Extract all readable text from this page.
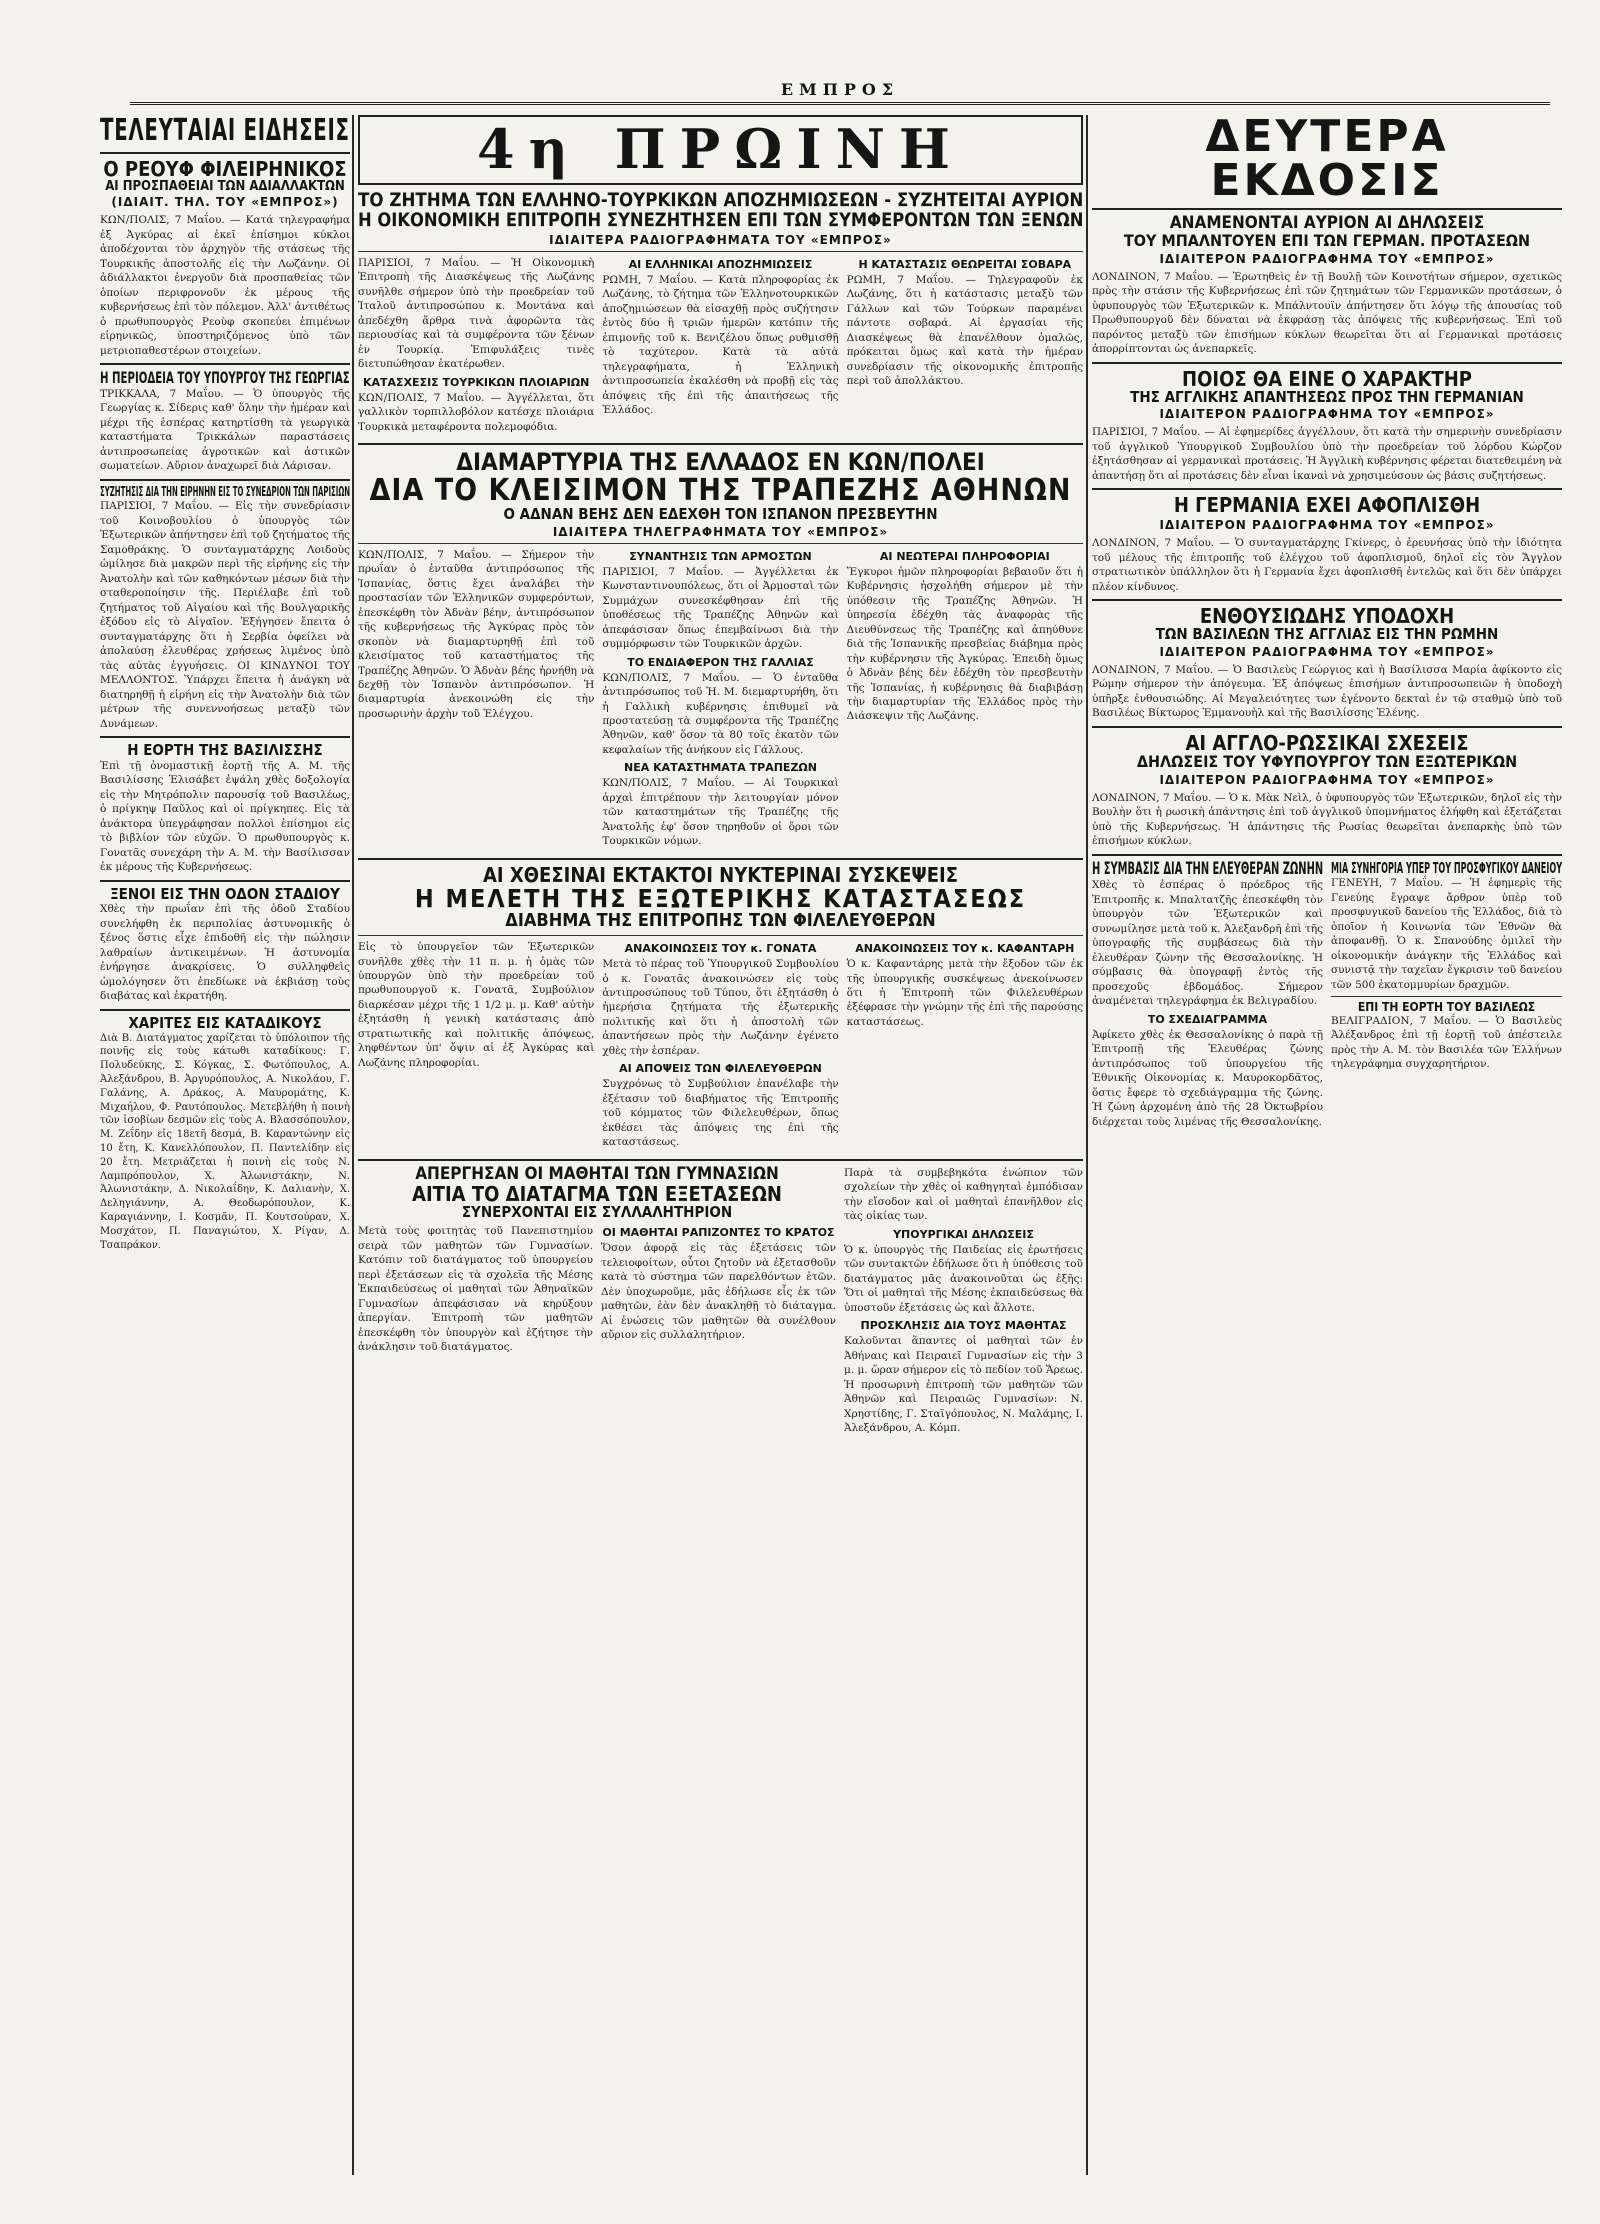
ΕΜΠΡΟΣ
ΤΕΛΕΥΤΑΙΑΙ ΕΙΔΗΣΕΙΣ
Ο ΡΕΟΥΦ ΦΙΛΕΙΡΗΝΙΚΟΣ
ΑΙ ΠΡΟΣΠΑΘΕΙΑΙ ΤΩΝ ΑΔΙΑΛΛΑΚΤΩΝ
(ΙΔΙΑΙΤ. ΤΗΛ. ΤΟΥ «ΕΜΠΡΟΣ»)

ΚΩΝ/ΠΟΛΙΣ, 7 Μαΐου. — Κατά τηλεγραφήμα ἐξ Ἀγκύρας αἱ ἐκεῖ ἐπίσημοι κύκλοι ἀποδέχονται τὸν ἀρχηγὸν τῆς στάσεως τῆς Τουρκικῆς ἀποστολῆς εἰς τὴν Λωζάνην. Οἱ ἀδιάλλακτοι ἐνεργοῦν διὰ προσπαθείας τῶν ὁποίων περιφρονοῦν ἐκ μέρους τῆς κυβερνήσεως ἐπὶ τὸν πόλεμον. Ἀλλ' ἀντιθέτως ὁ πρωθυπουργὸς Ρεοὺφ σκοπεύει ἐπιμένων εἰρηνικῶς, ὑποστηριζόμενος ὑπὸ τῶν μετριοπαθεστέρων στοιχείων.

Η ΠΕΡΙΟΔΕΙΑ ΤΟΥ ΥΠΟΥΡΓΟΥ ΤΗΣ ΓΕΩΡΓΙΑΣ

ΤΡΙΚΚΑΛΑ, 7 Μαΐου. — Ὁ ὑπουργὸς τῆς Γεωργίας κ. Σίδερις καθ' ὅλην τὴν ἡμέραν καὶ μέχρι τῆς ἑσπέρας κατηρτίσθη τὰ γεωργικὰ καταστήματα Τρικκάλων παραστάσεις ἀντιπροσωπείας ἀγροτικῶν καὶ ἀστικῶν σωματείων. Αὔριον ἀναχωρεῖ διὰ Λάρισαν.

ΣΥΖΗΤΗΣΙΣ ΔΙΑ ΤΗΝ ΕΙΡΗΝΗΝ ΕΙΣ ΤΟ ΣΥΝΕΔΡΙΟΝ ΤΩΝ ΠΑΡΙΣΙΩΝ

ΠΑΡΙΣΙΟΙ, 7 Μαΐου. — Εἰς τὴν συνεδρίασιν τοῦ Κοινοβουλίου ὁ ὑπουργὸς τῶν Ἐξωτερικῶν ἀπήντησεν ἐπὶ τοῦ ζητήματος τῆς Σαμοθράκης. Ὁ συνταγματάρχης Λοιδοὺς ὡμίλησε διὰ μακρῶν περὶ τῆς εἰρήνης εἰς τὴν Ἀνατολὴν καὶ τῶν καθηκόντων μέσων διὰ τὴν σταθεροποίησιν τῆς. Περιέλαβε ἐπὶ τοῦ ζητήματος τοῦ Αἰγαίου καὶ τῆς Βουλγαρικῆς ἐξόδου εἰς τὸ Αἰγαῖον. Ἐξήγησεν ἔπειτα ὁ συνταγματάρχης ὅτι ἡ Σερβία ὁφείλει νὰ ἀπολαύσῃ ἐλευθέρας χρήσεως λιμένος ὑπὸ τὰς αὐτὰς ἐγγυήσεις. ΟΙ ΚΙΝΔΥΝΟΙ ΤΟΥ ΜΕΛΛΟΝΤΟΣ. Ὑπάρχει ἔπειτα ἡ ἀνάγκη νὰ διατηρηθῇ ἡ εἰρήνη εἰς τὴν Ἀνατολὴν διὰ τῶν μέτρων τῆς συνεννοήσεως μεταξὺ τῶν Δυνάμεων.

Η ΕΟΡΤΗ ΤΗΣ ΒΑΣΙΛΙΣΣΗΣ

Ἐπὶ τῇ ὀνομαστικῇ ἑορτῇ τῆς Α. Μ. τῆς Βασιλίσσης Ἐλισάβετ ἐψάλη χθὲς δοξολογία εἰς τὴν Μητρόπολιν παρουσίᾳ τοῦ Βασιλέως, ὁ πρίγκηψ Παῦλος καὶ οἱ πρίγκηπες. Εἰς τὰ ἀνάκτορα ὑπεγράφησαν πολλοὶ ἐπίσημοι εἰς τὸ βιβλίον τῶν εὐχῶν. Ὁ πρωθυπουργὸς κ. Γονατᾶς συνεχάρη τὴν Α. Μ. τὴν Βασίλισσαν ἐκ μέρους τῆς Κυβερνήσεως.

ΞΕΝΟΙ ΕΙΣ ΤΗΝ ΟΔΟΝ ΣΤΑΔΙΟΥ

Χθὲς τὴν πρωΐαν ἐπὶ τῆς ὁδοῦ Σταδίου συνελήφθη ἐκ περιπολίας ἀστυνομικῆς ὁ ξένος ὅστις εἶχε ἐπιδοθῆ εἰς τὴν πώλησιν λαθραίων ἀντικειμένων. Ἡ ἀστυνομία ἐνήργησε ἀνακρίσεις. Ὁ συλληφθεὶς ὡμολόγησεν ὅτι ἐπεδίωκε νὰ ἐκβιάσῃ τοὺς διαβάτας καὶ ἐκρατήθη.

ΧΑΡΙΤΕΣ ΕΙΣ ΚΑΤΑΔΙΚΟΥΣ

Διὰ Β. Διατάγματος χαρίζεται τὸ ὑπόλοιπον τῆς ποινῆς εἰς τοὺς κάτωθι καταδίκους: Γ. Πολυδεύκης, Σ. Κόγκας, Σ. Φωτόπουλος, Α. Ἀλεξάνδρου, Β. Ἀργυρόπουλος, Α. Νικολάου, Γ. Γαλάνης, Α. Δράκος, Α. Μαυρομάτης, Κ. Μιχαήλου, Φ. Ραυτόπουλος. Μετεβλήθη ἡ ποινὴ τῶν ἰσοβίων δεσμῶν εἰς τοὺς Α. Βλασσόπουλον, Μ. Ζεΐδην εἰς 18ετῆ δεσμά, Β. Καραντώνην εἰς 10 ἔτη, Κ. Κανελλόπουλον, Π. Παντελίδην εἰς 20 ἔτη. Μετριάζεται ἡ ποινὴ εἰς τοὺς Ν. Λαμπρόπουλον, Χ. Ἀλωνιστάκην, Ν. Ἀλωνιστάκην, Δ. Νικολαΐδην, Κ. Δαλιανὴν, Χ. Δεληγιάννην, Α. Θεοδωρόπουλον, Κ. Καραγιάννην, Ι. Κοσμᾶν, Π. Κουτσούραν, Χ. Μοσχάτον, Π. Παναγιώτου, Χ. Ρίγαν, Δ. Τσαπράκον.

4η ΠΡΩΙΝΗ
ΤΟ ΖΗΤΗΜΑ ΤΩΝ ΕΛΛΗΝΟ-ΤΟΥΡΚΙΚΩΝ ΑΠΟΖΗΜΙΩΣΕΩΝ - ΣΥΖΗΤΕΙΤΑΙ ΑΥΡΙΟΝ
Η ΟΙΚΟΝΟΜΙΚΗ ΕΠΙΤΡΟΠΗ ΣΥΝΕΖΗΤΗΣΕΝ ΕΠΙ ΤΩΝ ΣΥΜΦΕΡΟΝΤΩΝ ΤΩΝ ΞΕΝΩΝ
ΙΔΙΑΙΤΕΡΑ ΡΑΔΙΟΓΡΑΦΗΜΑΤΑ ΤΟΥ «ΕΜΠΡΟΣ»

ΠΑΡΙΣΙΟΙ, 7 Μαΐου. — Ἡ Οἰκονομικὴ Ἐπιτροπὴ τῆς Διασκέψεως τῆς Λωζάνης συνῆλθε σήμερον ὑπὸ τὴν προεδρείαν τοῦ Ἰταλοῦ ἀντιπροσώπου κ. Μοντάνα καὶ ἀπεδέχθη ἄρθρα τινὰ ἀφορῶντα τὰς περιουσίας καὶ τὰ συμφέροντα τῶν ξένων ἐν Τουρκίᾳ. Ἐπιφυλάξεις τινὲς διετυπώθησαν ἑκατέρωθεν.

ΚΑΤΑΣΧΕΣΙΣ ΤΟΥΡΚΙΚΩΝ ΠΛΟΙΑΡΙΩΝ

ΚΩΝ/ΠΟΛΙΣ, 7 Μαΐου. — Ἀγγέλλεται, ὅτι γαλλικὸν τορπιλλοβόλον κατέσχε πλοιάρια Τουρκικὰ μεταφέροντα πολεμοφόδια.

ΑΙ ΕΛΛΗΝΙΚΑΙ ΑΠΟΖΗΜΙΩΣΕΙΣ

ΡΩΜΗ, 7 Μαΐου. — Κατὰ πληροφορίας ἐκ Λωζάνης, τὸ ζήτημα τῶν Ἑλληνοτουρκικῶν ἀποζημιώσεων θὰ εἰσαχθῇ πρὸς συζήτησιν ἐντὸς δύο ἢ τριῶν ἡμερῶν κατόπιν τῆς ἐπιμονῆς τοῦ κ. Βενιζέλου ὅπως ρυθμισθῇ τὸ ταχύτερον. Κατὰ τὰ αὐτὰ τηλεγραφήματα, ἡ Ἑλληνικὴ ἀντιπροσωπεία ἐκαλέσθη νὰ προβῇ εἰς τὰς ἀπόψεις τῆς ἐπὶ τῆς ἀπαιτήσεως τῆς Ἑλλάδος.

Η ΚΑΤΑΣΤΑΣΙΣ ΘΕΩΡΕΙΤΑΙ ΣΟΒΑΡΑ

ΡΩΜΗ, 7 Μαΐου. — Τηλεγραφοῦν ἐκ Λωζάνης, ὅτι ἡ κατάστασις μεταξὺ τῶν Γάλλων καὶ τῶν Τούρκων παραμένει πάντοτε σοβαρά. Αἱ ἐργασίαι τῆς Διασκέψεως θὰ ἐπανέλθουν ὁμαλῶς, πρόκειται ὅμως καὶ κατὰ τὴν ἡμέραν συνεδρίασιν τῆς οἰκονομικῆς ἐπιτροπῆς περὶ τοῦ ἀπολλάκτου.

ΔΙΑΜΑΡΤΥΡΙΑ ΤΗΣ ΕΛΛΑΔΟΣ ΕΝ ΚΩΝ/ΠΟΛΕΙ
ΔΙΑ ΤΟ ΚΛΕΙΣΙΜΟΝ ΤΗΣ ΤΡΑΠΕΖΗΣ ΑΘΗΝΩΝ
Ο ΑΔΝΑΝ ΒΕΗΣ ΔΕΝ ΕΔΕΧΘΗ ΤΟΝ ΙΣΠΑΝΟΝ ΠΡΕΣΒΕΥΤΗΝ
ΙΔΙΑΙΤΕΡΑ ΤΗΛΕΓΡΑΦΗΜΑΤΑ ΤΟΥ «ΕΜΠΡΟΣ»

ΚΩΝ/ΠΟΛΙΣ, 7 Μαΐου. — Σήμερον τὴν πρωΐαν ὁ ἐνταῦθα ἀντιπρόσωπος τῆς Ἰσπανίας, ὅστις ἔχει ἀναλάβει τὴν προστασίαν τῶν Ἑλληνικῶν συμφερόντων, ἐπεσκέφθη τὸν Ἀδνὰν βέην, ἀντιπρόσωπον τῆς κυβερνήσεως τῆς Ἀγκύρας πρὸς τὸν σκοπὸν νὰ διαμαρτυρηθῇ ἐπὶ τοῦ κλεισίματος τοῦ καταστήματος τῆς Τραπέζης Ἀθηνῶν. Ὁ Ἀδνὰν βέης ἠρνήθη νὰ δεχθῇ τὸν Ἰσπανὸν ἀντιπρόσωπον. Ἡ διαμαρτυρία ἀνεκοινώθη εἰς τὴν προσωρινὴν ἀρχὴν τοῦ Ἐλέγχου.

ΣΥΝΑΝΤΗΣΙΣ ΤΩΝ ΑΡΜΟΣΤΩΝ

ΠΑΡΙΣΙΟΙ, 7 Μαΐου. — Ἀγγέλλεται ἐκ Κωνσταντινουπόλεως, ὅτι οἱ Ἀρμοσταὶ τῶν Συμμάχων συνεσκέφθησαν ἐπὶ τῆς ὑποθέσεως τῆς Τραπέζης Ἀθηνῶν καὶ ἀπεφάσισαν ὅπως ἐπεμβαίνωσι διὰ τὴν συμμόρφωσιν τῶν Τουρκικῶν ἀρχῶν.

ΤΟ ΕΝΔΙΑΦΕΡΟΝ ΤΗΣ ΓΑΛΛΙΑΣ

ΚΩΝ/ΠΟΛΙΣ, 7 Μαΐου. — Ὁ ἐνταῦθα ἀντιπρόσωπος τοῦ Ἡ. Μ. διεμαρτυρήθη, ὅτι ἡ Γαλλικὴ κυβέρνησις ἐπιθυμεῖ νὰ προστατεύσῃ τὰ συμφέροντα τῆς Τραπέζης Ἀθηνῶν, καθ' ὅσον τὰ 80 τοῖς ἑκατὸν τῶν κεφαλαίων τῆς ἀνήκουν εἰς Γάλλους.

ΝΕΑ ΚΑΤΑΣΤΗΜΑΤΑ ΤΡΑΠΕΖΩΝ

ΚΩΝ/ΠΟΛΙΣ, 7 Μαΐου. — Αἱ Τουρκικαὶ ἀρχαὶ ἐπιτρέπουν τὴν λειτουργίαν μόνον τῶν καταστημάτων τῆς Τραπέζης τῆς Ἀνατολῆς ἐφ' ὅσον τηρηθοῦν οἱ ὅροι τῶν Τουρκικῶν νόμων.

ΑΙ ΝΕΩΤΕΡΑΙ ΠΛΗΡΟΦΟΡΙΑΙ

Ἔγκυροι ἡμῶν πληροφορίαι βεβαιοῦν ὅτι ἡ Κυβέρνησις ἠσχολήθη σήμερον μὲ τὴν ὑπόθεσιν τῆς Τραπέζης Ἀθηνῶν. Ἡ ὑπηρεσία ἐδέχθη τὰς ἀναφορὰς τῆς Διευθύνσεως τῆς Τραπέζης καὶ ἀπηύθυνε διὰ τῆς Ἰσπανικῆς πρεσβείας διάβημα πρὸς τὴν κυβέρνησιν τῆς Ἀγκύρας. Ἐπειδὴ ὅμως ὁ Ἀδνὰν βέης δὲν ἐδέχθη τὸν πρεσβευτὴν τῆς Ἰσπανίας, ἡ κυβέρνησις θὰ διαβιβάσῃ τὴν διαμαρτυρίαν τῆς Ἑλλάδος πρὸς τὴν Διάσκεψιν τῆς Λωζάνης.

ΑΙ ΧΘΕΣΙΝΑΙ ΕΚΤΑΚΤΟΙ ΝΥΚΤΕΡΙΝΑΙ ΣΥΣΚΕΨΕΙΣ
Η ΜΕΛΕΤΗ ΤΗΣ ΕΞΩΤΕΡΙΚΗΣ ΚΑΤΑΣΤΑΣΕΩΣ
ΔΙΑΒΗΜΑ ΤΗΣ ΕΠΙΤΡΟΠΗΣ ΤΩΝ ΦΙΛΕΛΕΥΘΕΡΩΝ

Εἰς τὸ ὑπουργεῖον τῶν Ἐξωτερικῶν συνῆλθε χθὲς τὴν 11 π. μ. ἡ ὁμὰς τῶν ὑπουργῶν ὑπὸ τὴν προεδρείαν τοῦ πρωθυπουργοῦ κ. Γονατᾶ, Συμβούλιον διαρκέσαν μέχρι τῆς 1 1/2 μ. μ. Καθ' αὐτὴν ἐξητάσθη ἡ γενικὴ κατάστασις ἀπὸ στρατιωτικῆς καὶ πολιτικῆς ἀπόψεως, ληφθέντων ὑπ' ὄψιν αἱ ἐξ Ἀγκύρας καὶ Λωζάνης πληροφορίαι.

ΑΝΑΚΟΙΝΩΣΕΙΣ ΤΟΥ κ. ΓΟΝΑΤΑ

Μετὰ τὸ πέρας τοῦ Ὑπουργικοῦ Συμβουλίου ὁ κ. Γονατᾶς ἀνακοινώσεν εἰς τοὺς ἀντιπροσώπους τοῦ Τύπου, ὅτι ἐξητάσθη ὁ ἡμερήσια ζητήματα τῆς ἐξωτερικῆς πολιτικῆς καὶ ὅτι ἡ ἀποστολὴ τῶν ἀπαντήσεων πρὸς τὴν Λωζάνην ἐγένετο χθὲς τὴν ἑσπέραν.

ΑΙ ΑΠΟΨΕΙΣ ΤΩΝ ΦΙΛΕΛΕΥΘΕΡΩΝ

Συγχρόνως τὸ Συμβούλιον ἐπανέλαβε τὴν ἐξέτασιν τοῦ διαβήματος τῆς Ἐπιτροπῆς τοῦ κόμματος τῶν Φιλελευθέρων, ὅπως ἐκθέσει τὰς ἀπόψεις της ἐπὶ τῆς καταστάσεως.

ΑΝΑΚΟΙΝΩΣΕΙΣ ΤΟΥ κ. ΚΑΦΑΝΤΑΡΗ

Ὁ κ. Καφαντάρης μετὰ τὴν ἔξοδον τῶν ἐκ τῆς ὑπουργικῆς συσκέψεως ἀνεκοίνωσεν ὅτι ἡ Ἐπιτροπὴ τῶν Φιλελευθέρων ἐξέφρασε τὴν γνώμην τῆς ἐπὶ τῆς παρούσης καταστάσεως.

ΑΠΕΡΓΗΣΑΝ ΟΙ ΜΑΘΗΤΑΙ ΤΩΝ ΓΥΜΝΑΣΙΩΝ
ΑΙΤΙΑ ΤΟ ΔΙΑΤΑΓΜΑ ΤΩΝ ΕΞΕΤΑΣΕΩΝ
ΣΥΝΕΡΧΟΝΤΑΙ ΕΙΣ ΣΥΛΛΑΛΗΤΗΡΙΟΝ

Μετὰ τοὺς φοιτητὰς τοῦ Πανεπιστημίου σειρὰ τῶν μαθητῶν τῶν Γυμνασίων. Κατόπιν τοῦ διατάγματος τοῦ ὑπουργείου περὶ ἐξετάσεων εἰς τὰ σχολεῖα τῆς Μέσης Ἐκπαιδεύσεως οἱ μαθηταὶ τῶν Ἀθηναϊκῶν Γυμνασίων ἀπεφάσισαν νὰ κηρύξουν ἀπεργίαν. Ἐπιτροπὴ τῶν μαθητῶν ἐπεσκέφθη τὸν ὑπουργὸν καὶ ἐζήτησε τὴν ἀνάκλησιν τοῦ διατάγματος.

ΟΙ ΜΑΘΗΤΑΙ ΡΑΠΙΖΟΝΤΕΣ ΤΟ ΚΡΑΤΟΣ

Ὅσον ἀφορᾷ εἰς τὰς ἐξετάσεις τῶν τελειοφοίτων, οὗτοι ζητοῦν νὰ ἐξετασθοῦν κατὰ τὸ σύστημα τῶν παρελθόντων ἐτῶν. Δὲν ὑποχωροῦμε, μᾶς ἐδήλωσε εἷς ἐκ τῶν μαθητῶν, ἐὰν δὲν ἀνακληθῇ τὸ διάταγμα. Αἱ ἐνώσεις τῶν μαθητῶν θὰ συνέλθουν αὔριον εἰς συλλαλητήριον.

Παρὰ τὰ συμβεβηκότα ἐνώπιον τῶν σχολείων τὴν χθὲς οἱ καθηγηταὶ ἐμπόδισαν τὴν εἴσοδον καὶ οἱ μαθηταὶ ἐπανῆλθον εἰς τὰς οἰκίας των.

ΥΠΟΥΡΓΙΚΑΙ ΔΗΛΩΣΕΙΣ

Ὁ κ. ὑπουργὸς τῆς Παιδείας εἰς ἐρωτήσεις τῶν συντακτῶν ἐδήλωσε ὅτι ἡ ὑπόθεσις τοῦ διατάγματος μᾶς ἀνακοινοῦται ὡς ἑξῆς: Ὅτι οἱ μαθηταὶ τῆς Μέσης ἐκπαιδεύσεως θὰ ὑποστοῦν ἐξετάσεις ὡς καὶ ἄλλοτε.

ΠΡΟΣΚΛΗΣΙΣ ΔΙΑ ΤΟΥΣ ΜΑΘΗΤΑΣ

Καλοῦνται ἅπαντες οἱ μαθηταὶ τῶν ἐν Ἀθήναις καὶ Πειραιεῖ Γυμνασίων εἰς τὴν 3 μ. μ. ὥραν σήμερον εἰς τὸ πεδίον τοῦ Ἄρεως. Ἡ προσωρινὴ ἐπιτροπὴ τῶν μαθητῶν τῶν Ἀθηνῶν καὶ Πειραιῶς Γυμνασίων: Ν. Χρηστίδης, Γ. Σταϊγόπουλος, Ν. Μαλάμης, Ι. Ἀλεξάνδρου, Α. Κόμπ.

ΔΕΥΤΕΡΑ ΕΚΔΟΣΙΣ
ΑΝΑΜΕΝΟΝΤΑΙ ΑΥΡΙΟΝ ΑΙ ΔΗΛΩΣΕΙΣ
ΤΟΥ ΜΠΑΛΝΤΟΥΕΝ ΕΠΙ ΤΩΝ ΓΕΡΜΑΝ. ΠΡΟΤΑΣΕΩΝ
ΙΔΙΑΙΤΕΡΟΝ ΡΑΔΙΟΓΡΑΦΗΜΑ ΤΟΥ «ΕΜΠΡΟΣ»

ΛΟΝΔΙΝΟΝ, 7 Μαΐου. — Ἐρωτηθεὶς ἐν τῇ Βουλῇ τῶν Κοινοτήτων σήμερον, σχετικῶς πρὸς τὴν στάσιν τῆς Κυβερνήσεως ἐπὶ τῶν ζητημάτων τῶν Γερμανικῶν προτάσεων, ὁ ὑφυπουργὸς τῶν Ἐξωτερικῶν κ. Μπάλντουϊν ἀπήντησεν ὅτι λόγῳ τῆς ἀπουσίας τοῦ Πρωθυπουργοῦ δὲν δύναται νὰ ἐκφράσῃ τὰς ἀπόψεις τῆς κυβερνήσεως. Ἐπὶ τοῦ παρόντος μεταξὺ τῶν ἐπισήμων κύκλων θεωρεῖται ὅτι αἱ Γερμανικαὶ προτάσεις ἀπορρίπτονται ὡς ἀνεπαρκεῖς.

ΠΟΙΟΣ ΘΑ ΕΙΝΕ Ο ΧΑΡΑΚΤΗΡ
ΤΗΣ ΑΓΓΛΙΚΗΣ ΑΠΑΝΤΗΣΕΩΣ ΠΡΟΣ ΤΗΝ ΓΕΡΜΑΝΙΑΝ
ΙΔΙΑΙΤΕΡΟΝ ΡΑΔΙΟΓΡΑΦΗΜΑ ΤΟΥ «ΕΜΠΡΟΣ»

ΠΑΡΙΣΙΟΙ, 7 Μαΐου. — Αἱ ἐφημερίδες ἀγγέλλουν, ὅτι κατὰ τὴν σημερινὴν συνεδρίασιν τοῦ ἀγγλικοῦ Ὑπουργικοῦ Συμβουλίου ὑπὸ τὴν προεδρείαν τοῦ λόρδου Κώρζον ἐξητάσθησαν αἱ γερμανικαὶ προτάσεις. Ἡ Ἀγγλικὴ κυβέρνησις φέρεται διατεθειμένη νὰ ἀπαντήσῃ ὅτι αἱ προτάσεις δὲν εἶναι ἱκαναὶ νὰ χρησιμεύσουν ὡς βάσις συζητήσεως.

Η ΓΕΡΜΑΝΙΑ ΕΧΕΙ ΑΦΟΠΛΙΣΘΗ
ΙΔΙΑΙΤΕΡΟΝ ΡΑΔΙΟΓΡΑΦΗΜΑ ΤΟΥ «ΕΜΠΡΟΣ»

ΛΟΝΔΙΝΟΝ, 7 Μαΐου. — Ὁ συνταγματάρχης Γκίνερς, ὁ ἐρευνήσας ὑπὸ τὴν ἰδιότητα τοῦ μέλους τῆς ἐπιτροπῆς τοῦ ἐλέγχου τοῦ ἀφοπλισμοῦ, δηλοῖ εἰς τὸν Ἄγγλον στρατιωτικὸν ὑπάλληλον ὅτι ἡ Γερμανία ἔχει ἀφοπλισθῆ ἐντελῶς καὶ ὅτι δὲν ὑπάρχει πλέον κίνδυνος.

ΕΝΘΟΥΣΙΩΔΗΣ ΥΠΟΔΟΧΗ
ΤΩΝ ΒΑΣΙΛΕΩΝ ΤΗΣ ΑΓΓΛΙΑΣ ΕΙΣ ΤΗΝ ΡΩΜΗΝ
ΙΔΙΑΙΤΕΡΟΝ ΡΑΔΙΟΓΡΑΦΗΜΑ ΤΟΥ «ΕΜΠΡΟΣ»

ΛΟΝΔΙΝΟΝ, 7 Μαΐου. — Ὁ Βασιλεὺς Γεώργιος καὶ ἡ Βασίλισσα Μαρία ἀφίκοντο εἰς Ρώμην σήμερον τὴν ἀπόγευμα. Ἐξ ἀπόψεως ἐπισήμων ἀντιπροσωπειῶν ἡ ὑποδοχὴ ὑπῆρξε ἐνθουσιώδης. Αἱ Μεγαλειότητες των ἐγένοντο δεκταὶ ἐν τῷ σταθμῷ ὑπὸ τοῦ Βασιλέως Βίκτωρος Ἐμμανουὴλ καὶ τῆς Βασιλίσσης Ἑλένης.

ΑΙ ΑΓΓΛΟ-ΡΩΣΣΙΚΑΙ ΣΧΕΣΕΙΣ
ΔΗΛΩΣΕΙΣ ΤΟΥ ΥΦΥΠΟΥΡΓΟΥ ΤΩΝ ΕΞΩΤΕΡΙΚΩΝ
ΙΔΙΑΙΤΕΡΟΝ ΡΑΔΙΟΓΡΑΦΗΜΑ ΤΟΥ «ΕΜΠΡΟΣ»

ΛΟΝΔΙΝΟΝ, 7 Μαΐου. — Ὁ κ. Μὰκ Νεὶλ, ὁ ὑφυπουργὸς τῶν Ἐξωτερικῶν, δηλοῖ εἰς τὴν Βουλὴν ὅτι ἡ ρωσικὴ ἀπάντησις ἐπὶ τοῦ ἀγγλικοῦ ὑπομνήματος ἐλήφθη καὶ ἐξετάζεται ὑπὸ τῆς Κυβερνήσεως. Ἡ ἀπάντησις τῆς Ρωσίας θεωρεῖται ἀνεπαρκὴς ὑπὸ τῶν ἐπισήμων κύκλων.

Η ΣΥΜΒΑΣΙΣ ΔΙΑ ΤΗΝ ΕΛΕΥΘΕΡΑΝ ΖΩΝΗΝ

Χθὲς τὸ ἑσπέρας ὁ πρόεδρος τῆς Ἐπιτροπῆς κ. Μπαλτατζῆς ἐπεσκέφθη τὸν ὑπουργὸν τῶν Ἐξωτερικῶν καὶ συνωμίλησε μετὰ τοῦ κ. Ἀλεξανδρῆ ἐπὶ τῆς ὑπογραφῆς τῆς συμβάσεως διὰ τὴν ἐλευθέραν ζώνην τῆς Θεσσαλονίκης. Ἡ σύμβασις θὰ ὑπογραφῇ ἐντὸς τῆς προσεχοῦς ἑβδομάδος. Σήμερον ἀναμένεται τηλεγράφημα ἐκ Βελιγραδίου.

ΤΟ ΣΧΕΔΙΑΓΡΑΜΜΑ

Ἀφίκετο χθὲς ἐκ Θεσσαλονίκης ὁ παρὰ τῇ Ἐπιτροπῇ τῆς Ἐλευθέρας ζώνης ἀντιπρόσωπος τοῦ ὑπουργείου τῆς Ἐθνικῆς Οἰκονομίας κ. Μαυροκορδᾶτος, ὅστις ἔφερε τὸ σχεδιάγραμμα τῆς ζώνης. Ἡ ζώνη ἀρχομένη ἀπὸ τῆς 28 Ὀκτωβρίου διέρχεται τοὺς λιμένας τῆς Θεσσαλονίκης.

ΜΙΑ ΣΥΝΗΓΟΡΙΑ ΥΠΕΡ ΤΟΥ ΠΡΟΣΦΥΓΙΚΟΥ ΔΑΝΕΙΟΥ

ΓΕΝΕΥΗ, 7 Μαΐου. — Ἡ ἐφημερὶς τῆς Γενεύης ἔγραψε ἄρθρον ὑπὲρ τοῦ προσφυγικοῦ δανείου τῆς Ἑλλάδος, διὰ τὸ ὁποῖον ἡ Κοινωνία τῶν Ἐθνῶν θὰ ἀποφανθῇ. Ὁ κ. Σπανούδης ὁμιλεῖ τὴν οἰκονομικὴν ἀνάγκην τῆς Ἑλλάδος καὶ συνιστᾷ τὴν ταχεῖαν ἔγκρισιν τοῦ δανείου τῶν 500 ἑκατομμυρίων δραχμῶν.

ΕΠΙ ΤΗ ΕΟΡΤΗ ΤΟΥ ΒΑΣΙΛΕΩΣ

ΒΕΛΙΓΡΑΔΙΟΝ, 7 Μαΐου. — Ὁ Βασιλεὺς Ἀλέξανδρος ἐπὶ τῇ ἑορτῇ τοῦ ἀπέστειλε πρὸς τὴν Α. Μ. τὸν Βασιλέα τῶν Ἑλλήνων τηλεγράφημα συγχαρητήριον.
